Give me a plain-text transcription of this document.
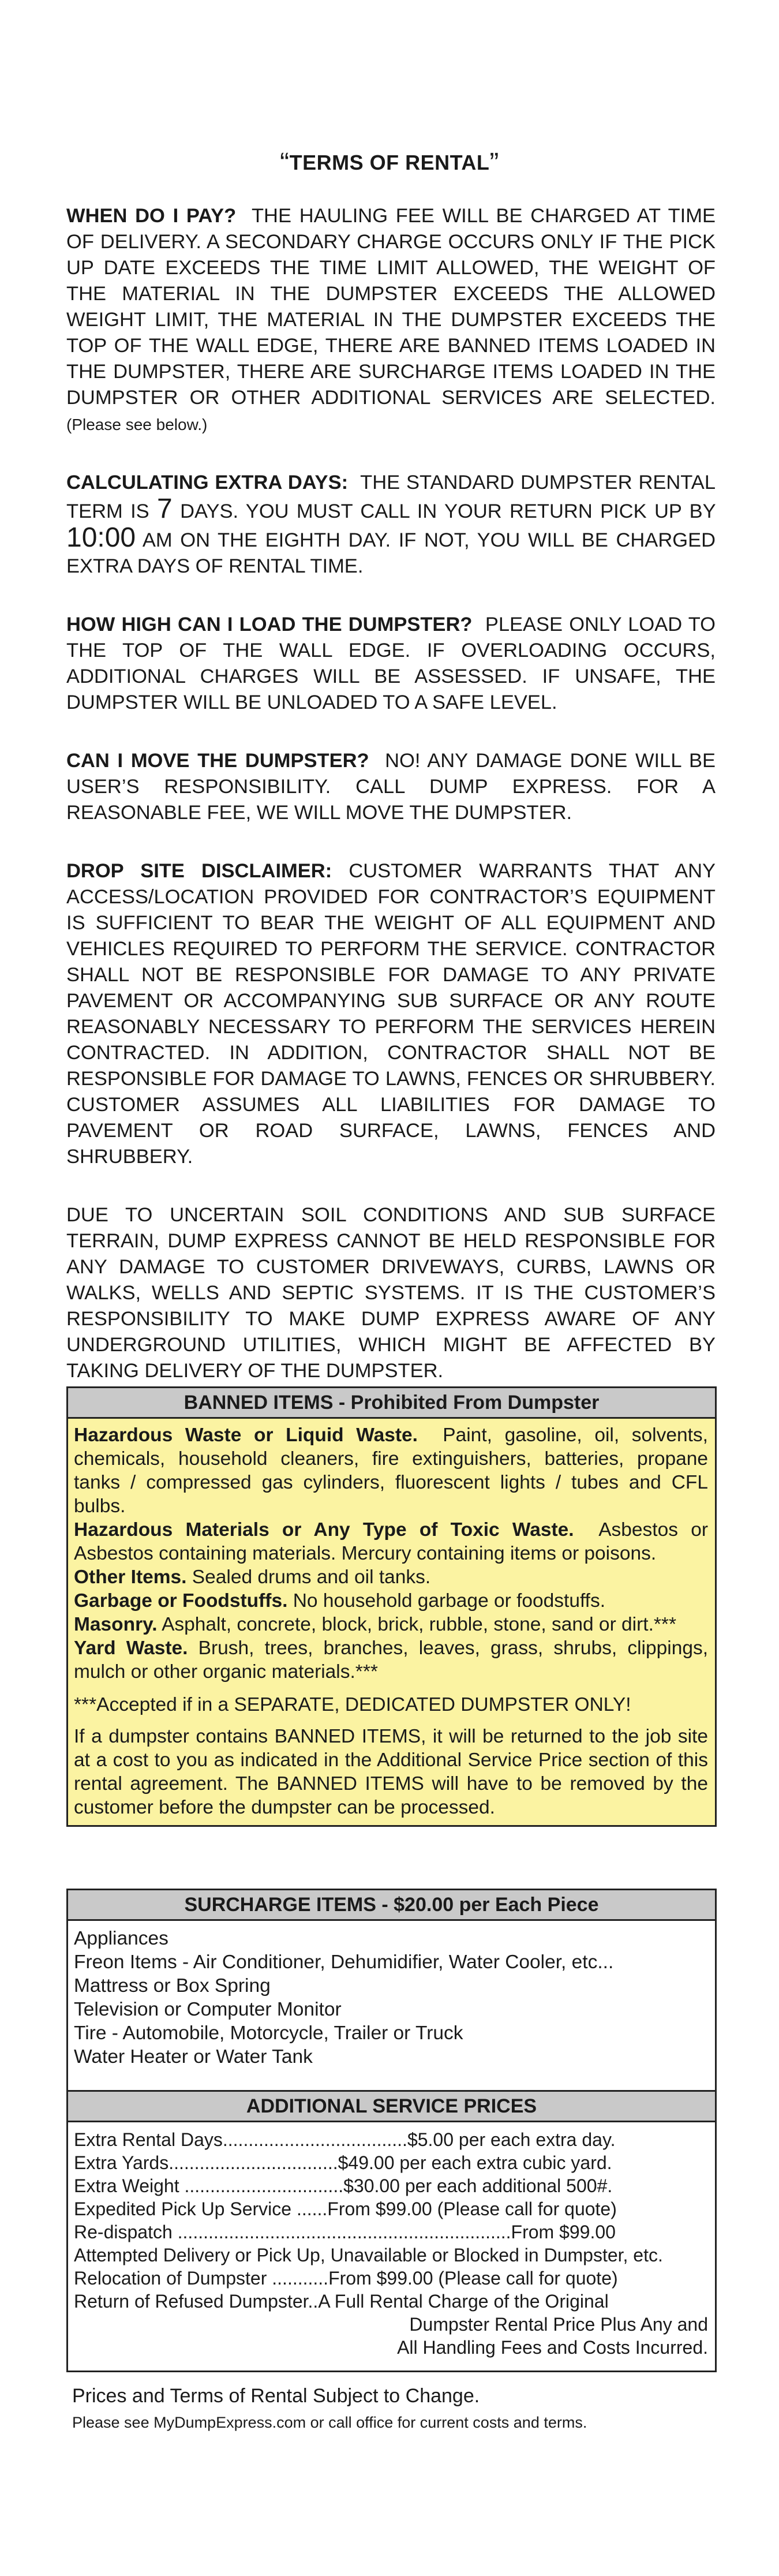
“TERMS OF RENTAL”

WHEN DO I PAY? THE HAULING FEE WILL BE CHARGED AT TIME OF DELIVERY. A SECONDARY CHARGE OCCURS ONLY IF THE PICK UP DATE EXCEEDS THE TIME LIMIT ALLOWED, THE WEIGHT OF THE MATERIAL IN THE DUMPSTER EXCEEDS THE ALLOWED WEIGHT LIMIT, THE MATERIAL IN THE DUMPSTER EXCEEDS THE TOP OF THE WALL EDGE, THERE ARE BANNED ITEMS LOADED IN THE DUMPSTER, THERE ARE SURCHARGE ITEMS LOADED IN THE DUMPSTER OR OTHER ADDITIONAL SERVICES ARE SELECTED. (Please see below.)

CALCULATING EXTRA DAYS: THE STANDARD DUMPSTER RENTAL TERM IS 7 DAYS. YOU MUST CALL IN YOUR RETURN PICK UP BY 10:00 AM ON THE EIGHTH DAY. IF NOT, YOU WILL BE CHARGED EXTRA DAYS OF RENTAL TIME.

HOW HIGH CAN I LOAD THE DUMPSTER? PLEASE ONLY LOAD TO THE TOP OF THE WALL EDGE. IF OVERLOADING OCCURS, ADDITIONAL CHARGES WILL BE ASSESSED. IF UNSAFE, THE DUMPSTER WILL BE UNLOADED TO A SAFE LEVEL.

CAN I MOVE THE DUMPSTER? NO! ANY DAMAGE DONE WILL BE USER’S RESPONSIBILITY. CALL DUMP EXPRESS. FOR A REASONABLE FEE, WE WILL MOVE THE DUMPSTER.

DROP SITE DISCLAIMER: CUSTOMER WARRANTS THAT ANY ACCESS/LOCATION PROVIDED FOR CONTRACTOR’S EQUIPMENT IS SUFFICIENT TO BEAR THE WEIGHT OF ALL EQUIPMENT AND VEHICLES REQUIRED TO PERFORM THE SERVICE. CONTRACTOR SHALL NOT BE RESPONSIBLE FOR DAMAGE TO ANY PRIVATE PAVEMENT OR ACCOMPANYING SUB SURFACE OR ANY ROUTE REASONABLY NECESSARY TO PERFORM THE SERVICES HEREIN CONTRACTED. IN ADDITION, CONTRACTOR SHALL NOT BE RESPONSIBLE FOR DAMAGE TO LAWNS, FENCES OR SHRUBBERY. CUSTOMER ASSUMES ALL LIABILITIES FOR DAMAGE TO PAVEMENT OR ROAD SURFACE, LAWNS, FENCES AND SHRUBBERY.

DUE TO UNCERTAIN SOIL CONDITIONS AND SUB SURFACE TERRAIN, DUMP EXPRESS CANNOT BE HELD RESPONSIBLE FOR ANY DAMAGE TO CUSTOMER DRIVEWAYS, CURBS, LAWNS OR WALKS, WELLS AND SEPTIC SYSTEMS. IT IS THE CUSTOMER’S RESPONSIBILITY TO MAKE DUMP EXPRESS AWARE OF ANY UNDERGROUND UTILITIES, WHICH MIGHT BE AFFECTED BY TAKING DELIVERY OF THE DUMPSTER.

BANNED ITEMS - Prohibited From Dumpster

Hazardous Waste or Liquid Waste. Paint, gasoline, oil, solvents, chemicals, household cleaners, fire extinguishers, batteries, propane tanks / compressed gas cylinders, fluorescent lights / tubes and CFL bulbs.

Hazardous Materials or Any Type of Toxic Waste. Asbestos or Asbestos containing materials. Mercury containing items or poisons.

Other Items. Sealed drums and oil tanks.

Garbage or Foodstuffs. No household garbage or foodstuffs.

Masonry. Asphalt, concrete, block, brick, rubble, stone, sand or dirt.***

Yard Waste. Brush, trees, branches, leaves, grass, shrubs, clippings, mulch or other organic materials.***

***Accepted if in a SEPARATE, DEDICATED DUMPSTER ONLY!

If a dumpster contains BANNED ITEMS, it will be returned to the job site at a cost to you as indicated in the Additional Service Price section of this rental agreement. The BANNED ITEMS will have to be removed by the customer before the dumpster can be processed.

SURCHARGE ITEMS - $20.00 per Each Piece
Appliances
Freon Items - Air Conditioner, Dehumidifier, Water Cooler, etc...
Mattress or Box Spring
Television or Computer Monitor
Tire - Automobile, Motorcycle, Trailer or Truck
Water Heater or Water Tank
ADDITIONAL SERVICE PRICES
Extra Rental Days....................................$5.00 per each extra day.
Extra Yards.................................$49.00 per each extra cubic yard.
Extra Weight ...............................$30.00 per each additional 500#.
Expedited Pick Up Service ......From $99.00 (Please call for quote)
Re-dispatch .................................................................From $99.00
Attempted Delivery or Pick Up, Unavailable or Blocked in Dumpster, etc.
Relocation of Dumpster ...........From $99.00 (Please call for quote)
Return of Refused Dumpster..A Full Rental Charge of the Original
Dumpster Rental Price Plus Any and
All Handling Fees and Costs Incurred.
Prices and Terms of Rental Subject to Change.
Please see MyDumpExpress.com or call office for current costs and terms.
